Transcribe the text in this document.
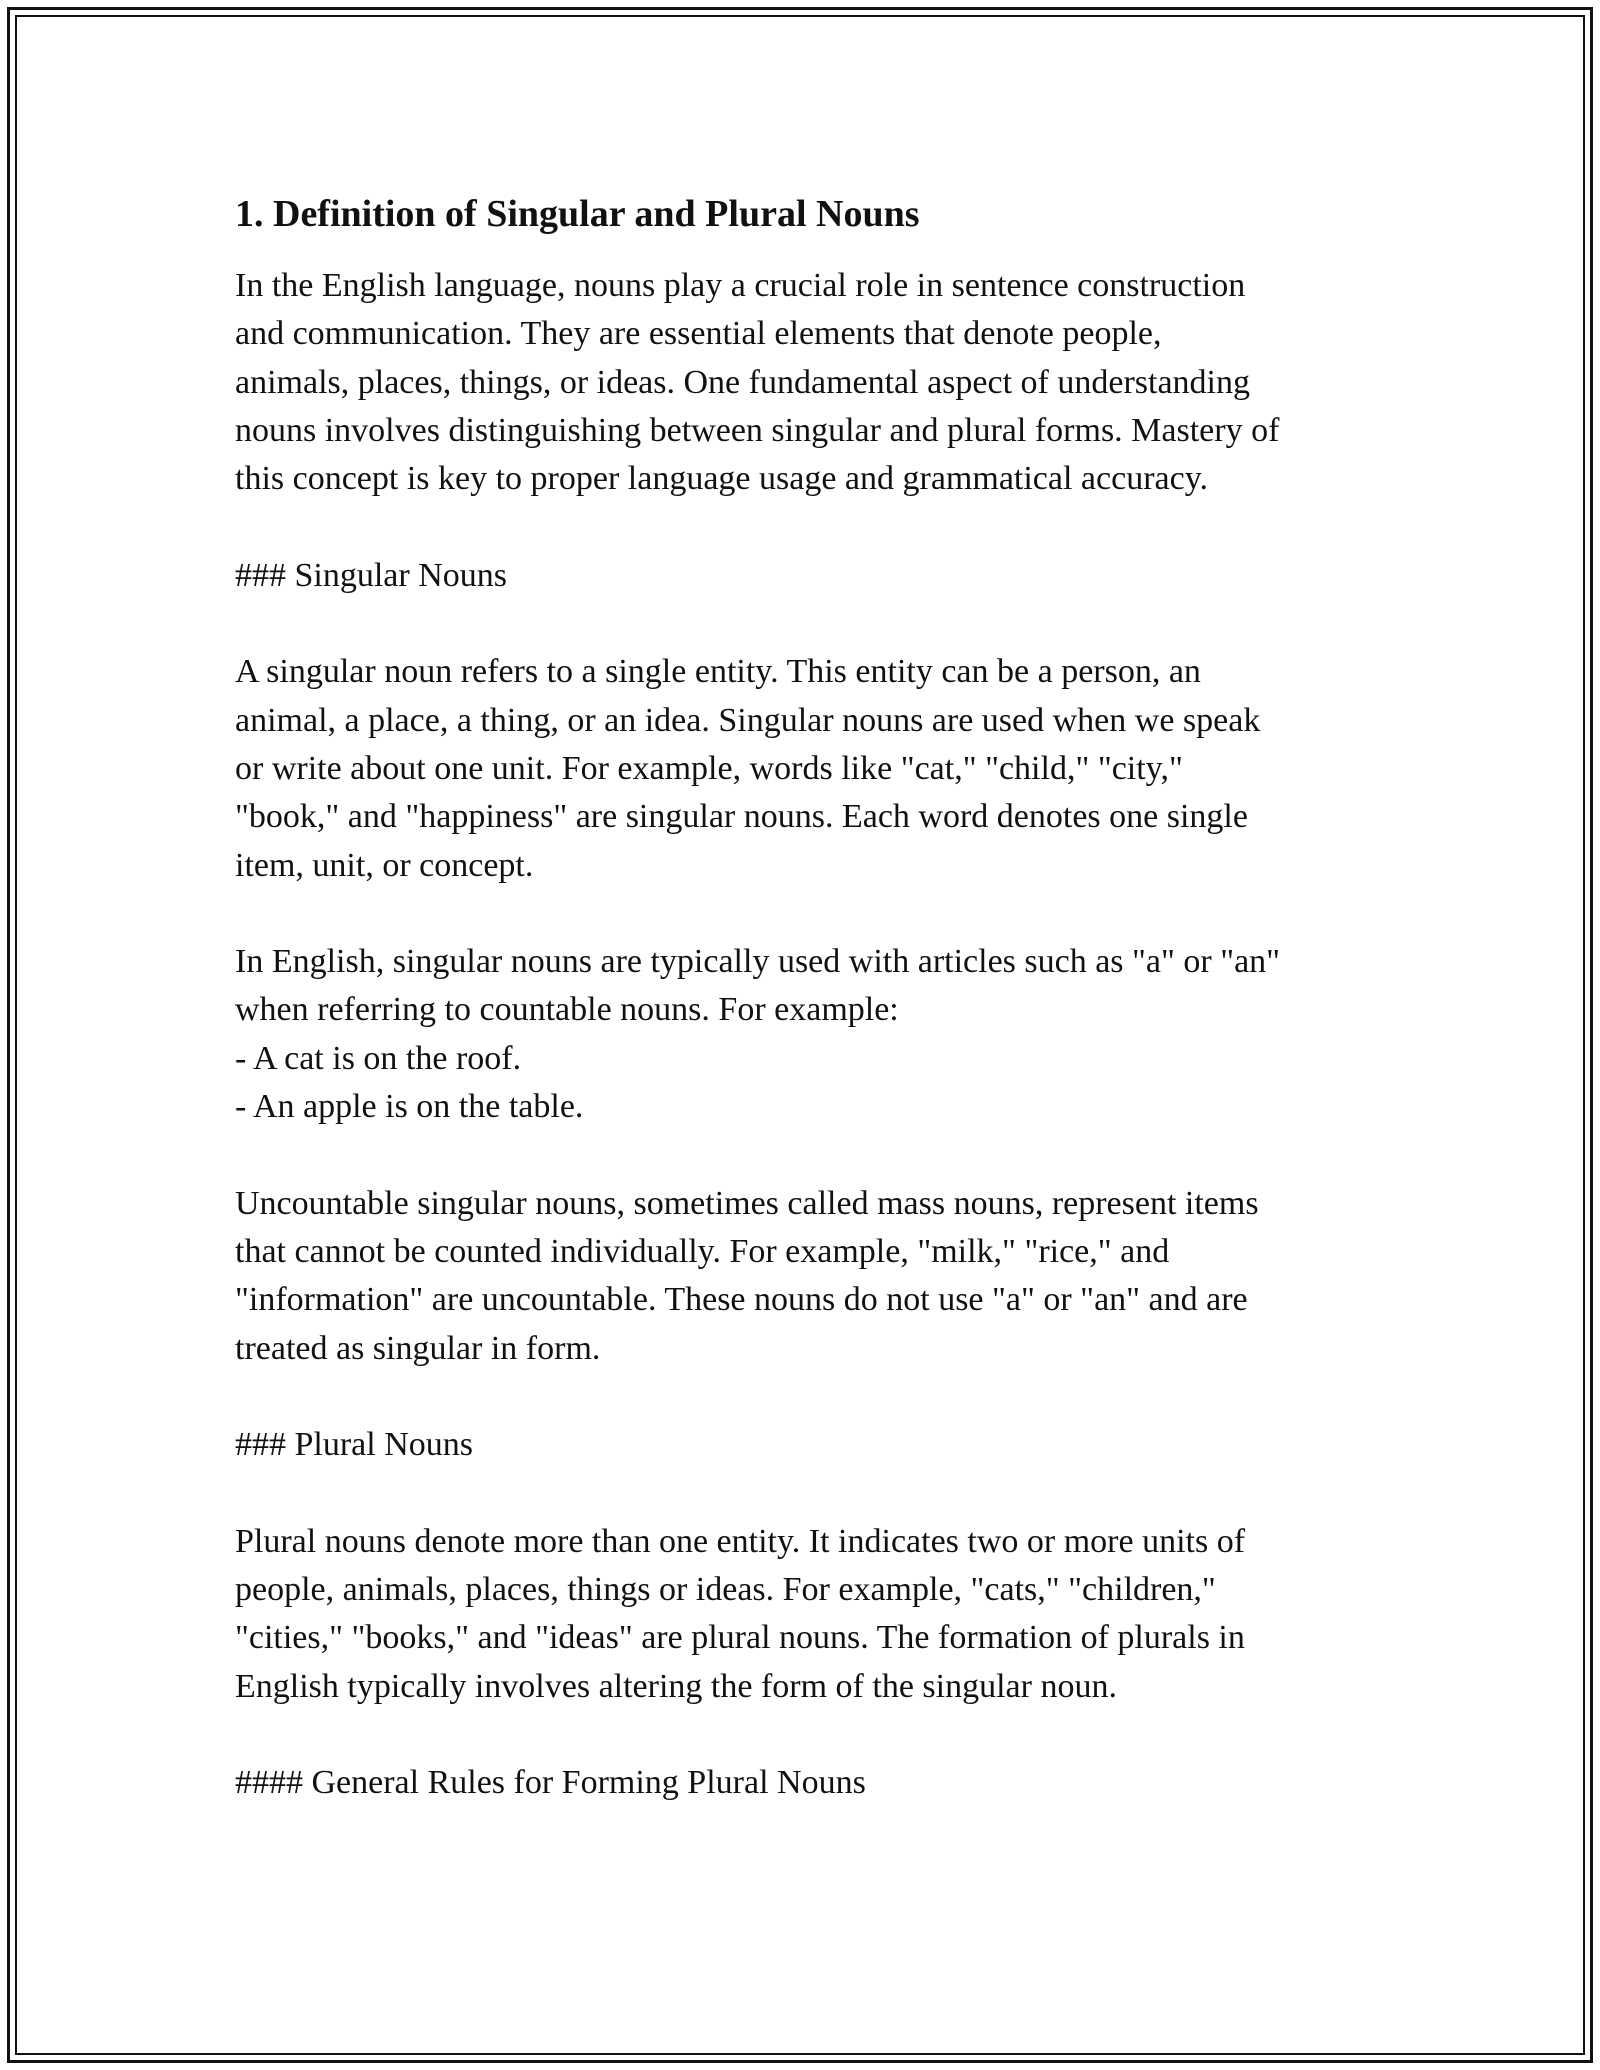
1. Definition of Singular and Plural Nouns
In the English language, nouns play a crucial role in sentence construction
and communication. They are essential elements that denote people,
animals, places, things, or ideas. One fundamental aspect of understanding
nouns involves distinguishing between singular and plural forms. Mastery of
this concept is key to proper language usage and grammatical accuracy.
### Singular Nouns
A singular noun refers to a single entity. This entity can be a person, an
animal, a place, a thing, or an idea. Singular nouns are used when we speak
or write about one unit. For example, words like "cat," "child," "city,"
"book," and "happiness" are singular nouns. Each word denotes one single
item, unit, or concept.
In English, singular nouns are typically used with articles such as "a" or "an"
when referring to countable nouns. For example:
- A cat is on the roof.
- An apple is on the table.
Uncountable singular nouns, sometimes called mass nouns, represent items
that cannot be counted individually. For example, "milk," "rice," and
"information" are uncountable. These nouns do not use "a" or "an" and are
treated as singular in form.
### Plural Nouns
Plural nouns denote more than one entity. It indicates two or more units of
people, animals, places, things or ideas. For example, "cats," "children,"
"cities," "books," and "ideas" are plural nouns. The formation of plurals in
English typically involves altering the form of the singular noun.
#### General Rules for Forming Plural Nouns
